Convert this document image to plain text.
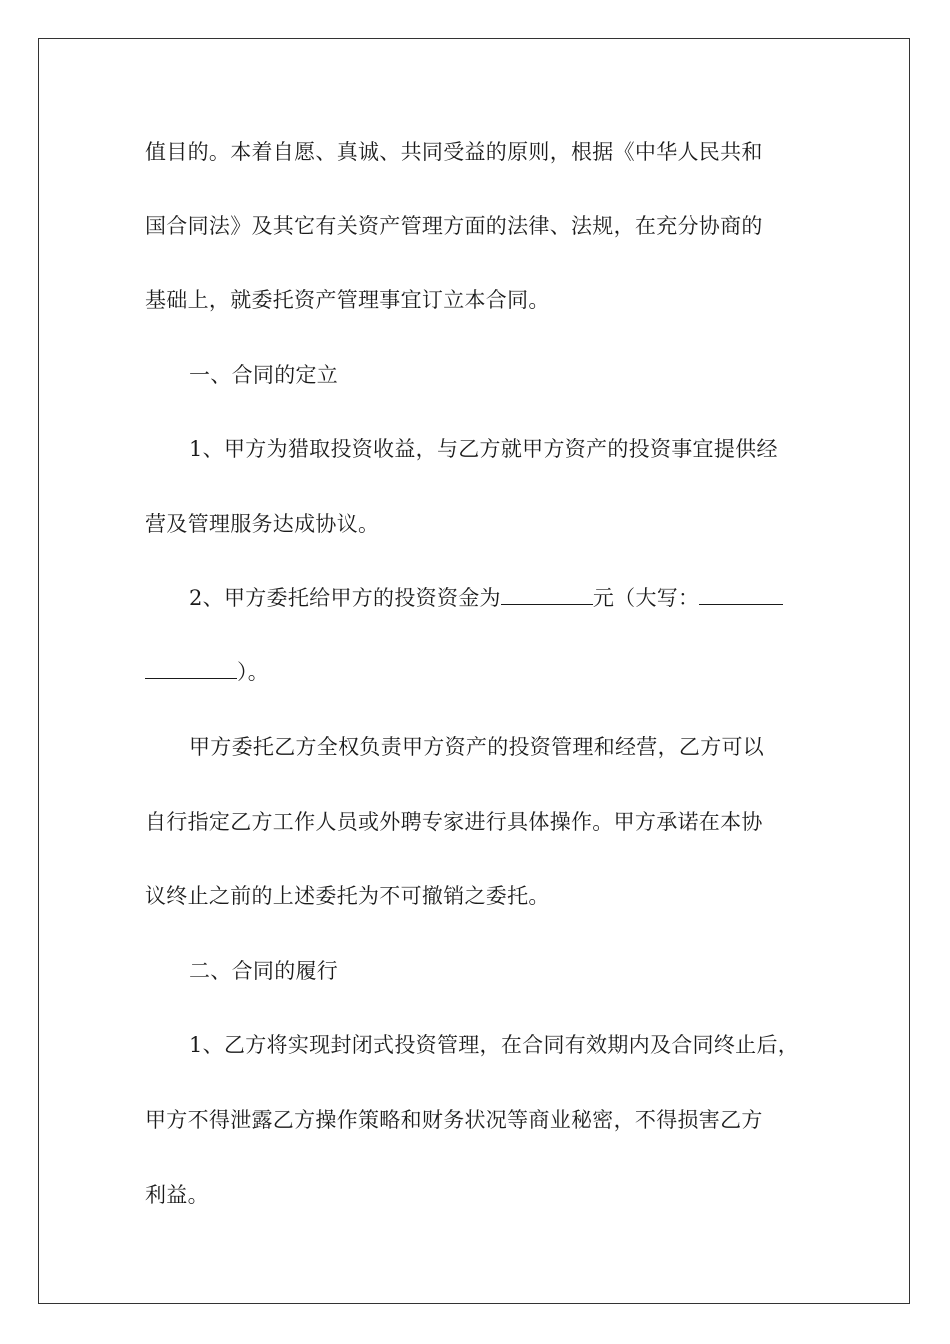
值目的。本着自愿、真诚、共同受益的原则，根据《中华人民共和
国合同法》及其它有关资产管理方面的法律、法规，在充分协商的
基础上，就委托资产管理事宜订立本合同。
一、合同的定立
1、甲方为猎取投资收益，与乙方就甲方资产的投资事宜提供经
营及管理服务达成协议。
2、甲方委托给甲方的投资资金为	元（大写：
）。
甲方委托乙方全权负责甲方资产的投资管理和经营，乙方可以
自行指定乙方工作人员或外聘专家进行具体操作。甲方承诺在本协
议终止之前的上述委托为不可撤销之委托。
二、合同的履行
1、乙方将实现封闭式投资管理，在合同有效期内及合同终止后，
甲方不得泄露乙方操作策略和财务状况等商业秘密，不得损害乙方
利益。
